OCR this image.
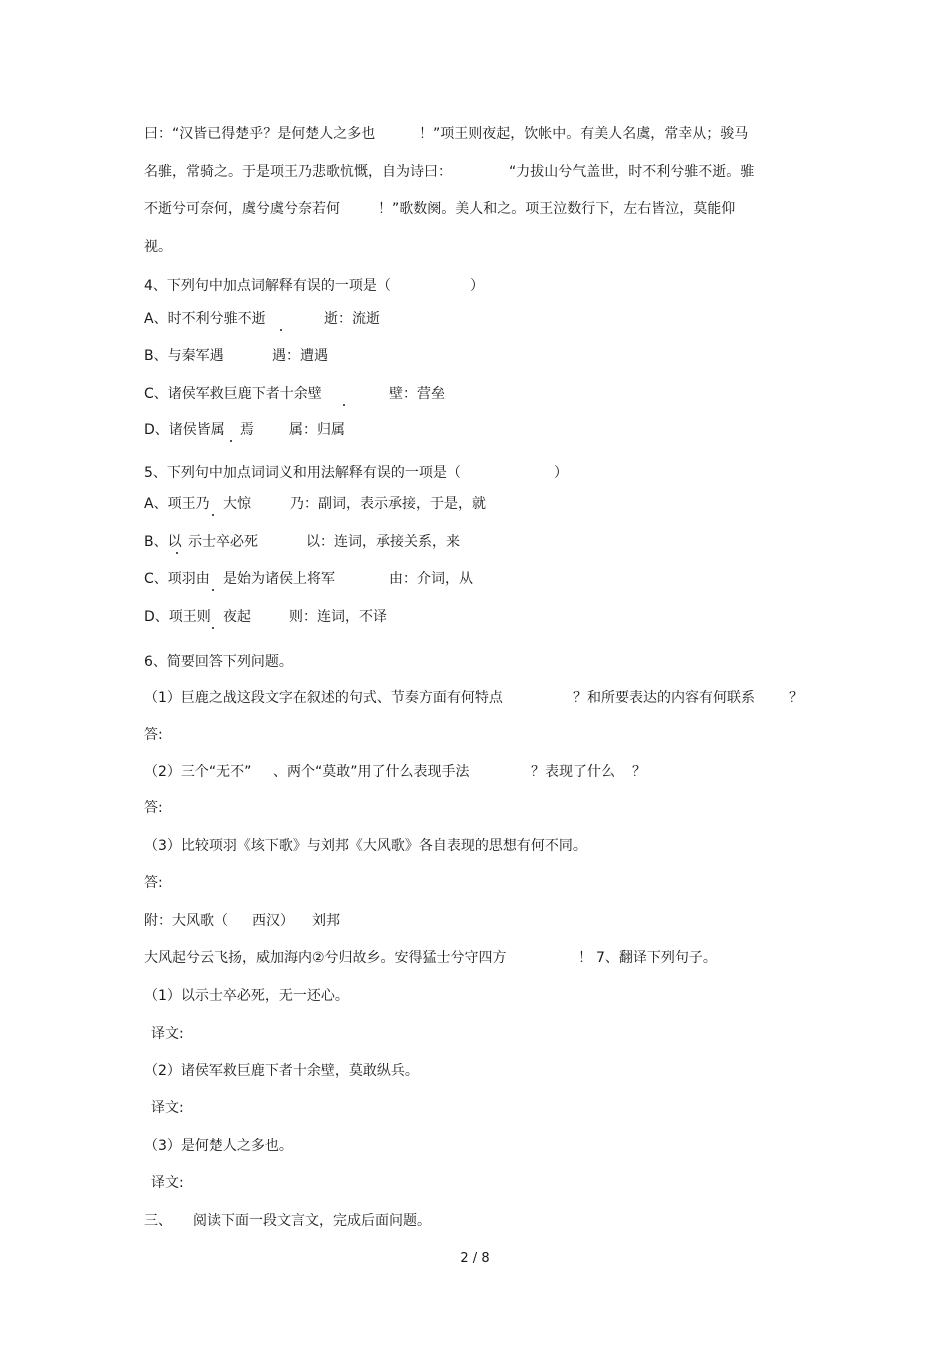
曰：“汉皆已得楚乎？是何楚人之多也	！”项王则夜起，饮帐中。有美人名虞，常幸从；骏马
名骓，常骑之。于是项王乃悲歌忼慨，自为诗曰：	“力拔山兮气盖世，时不利兮骓不逝。骓
不逝兮可奈何，虞兮虞兮奈若何	！”歌数阕。美人和之。项王泣数行下，左右皆泣，莫能仰
视。
4、下列句中加点词解释有误的一项是（	）
A、时不利兮骓不逝	逝：流逝
B、与秦军遇	遇：遭遇
C、诸侯军救巨鹿下者十余壁	壁：营垒
D、诸侯皆属 焉	属：归属
5、下列句中加点词词义和用法解释有误的一项是（	）
A、项王乃 大惊	乃：副词，表示承接，于是，就
B、以 示士卒必死	以：连词，承接关系，来
C、项羽由 是始为诸侯上将军	由：介词，从
D、项王则 夜起	则：连词，不译
6、简要回答下列问题。
（1）巨鹿之战这段文字在叙述的句式、节奏方面有何特点	？和所要表达的内容有何联系 ？
答:
（2）三个“无不” 、两个“莫敢”用了什么表现手法	？表现了什么 ？
答:
（3）比较项羽《垓下歌》与刘邦《大风歌》各自表现的思想有何不同。
答:
附：大风歌（ 西汉） 刘邦
大风起兮云飞扬，威加海内②兮归故乡。安得猛士兮守四方	！ 7、翻译下列句子。
（1）以示士卒必死，无一还心。
译文:
（2）诸侯军救巨鹿下者十余壁，莫敢纵兵。
译文:
（3）是何楚人之多也。
译文:
三、 阅读下面一段文言文，完成后面问题。
2 / 8
